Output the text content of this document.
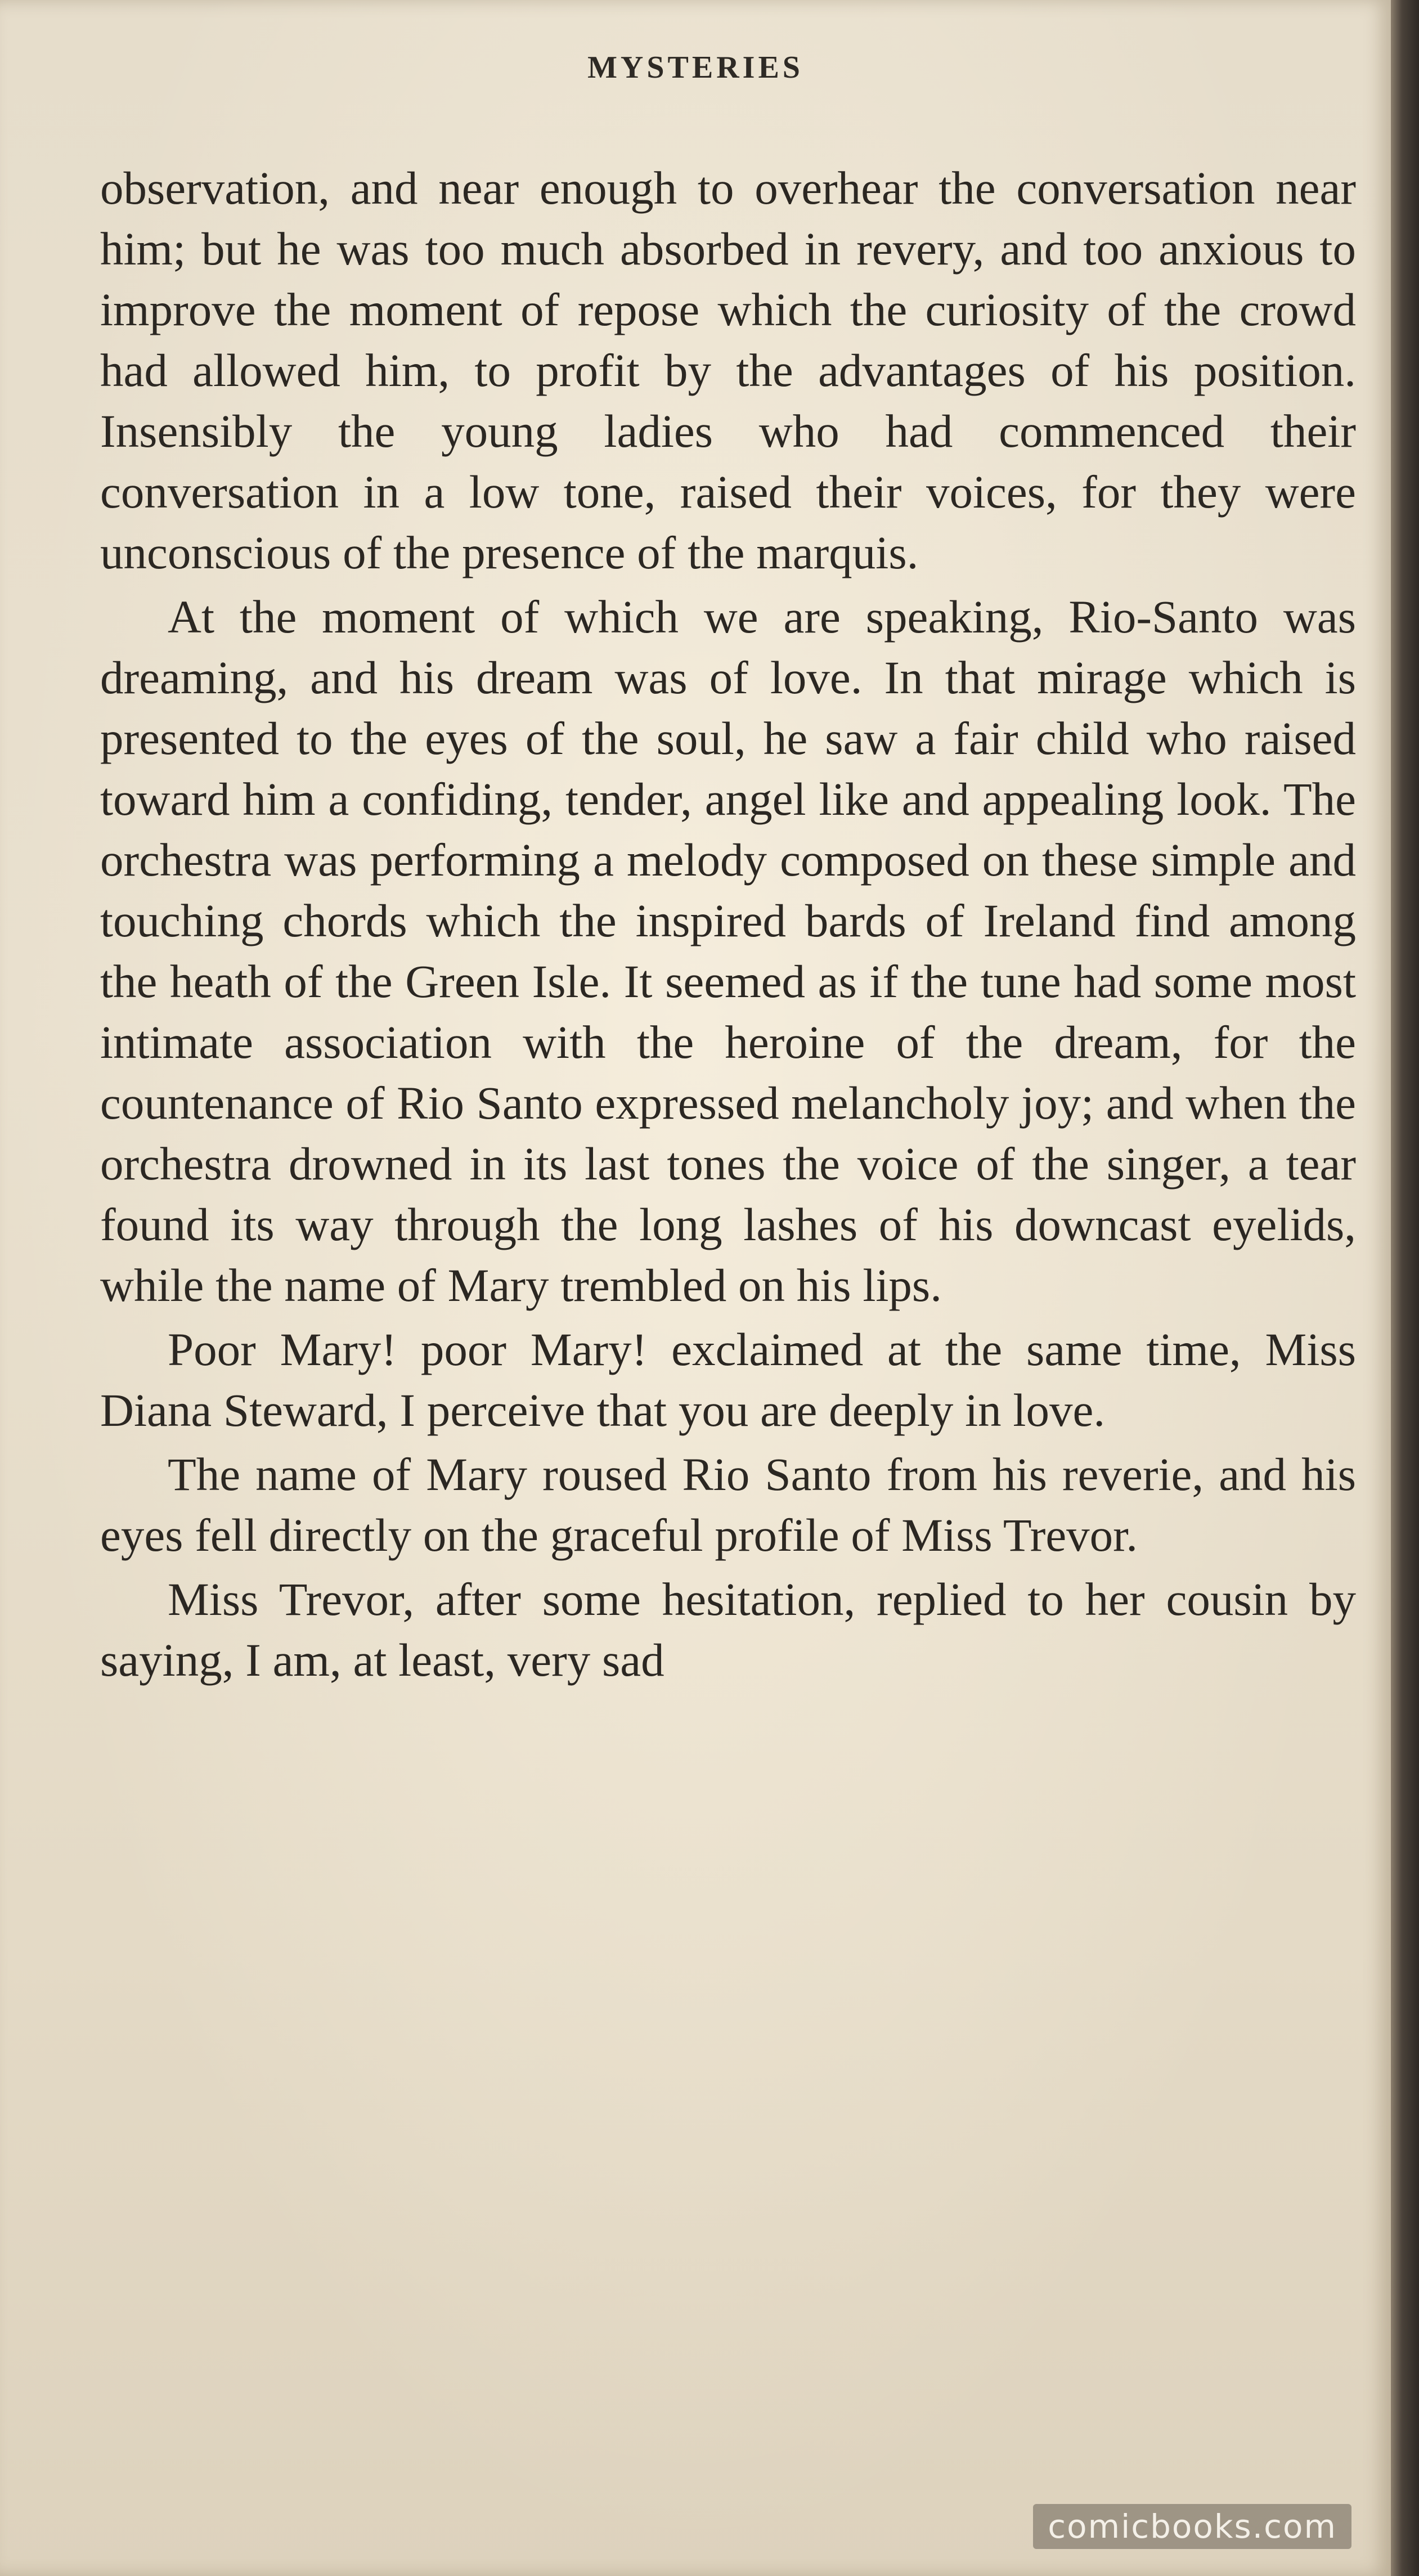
MYSTERIES

observation, and near enough to overhear the conversation near him; but he was too much absorbed in revery, and too anxious to improve the moment of repose which the curiosity of the crowd had allowed him, to profit by the advantages of his position. Insensibly the young ladies who had commenced their conversation in a low tone, raised their voices, for they were unconscious of the presence of the marquis.

At the moment of which we are speaking, Rio-Santo was dreaming, and his dream was of love. In that mirage which is presented to the eyes of the soul, he saw a fair child who raised toward him a confiding, tender, angel like and appealing look. The orchestra was performing a melody composed on these simple and touching chords which the inspired bards of Ireland find among the heath of the Green Isle. It seemed as if the tune had some most intimate association with the heroine of the dream, for the countenance of Rio Santo expressed melancholy joy; and when the orchestra drowned in its last tones the voice of the singer, a tear found its way through the long lashes of his downcast eyelids, while the name of Mary trembled on his lips.

Poor Mary! poor Mary! exclaimed at the same time, Miss Diana Steward, I perceive that you are deeply in love.

The name of Mary roused Rio Santo from his reverie, and his eyes fell directly on the graceful profile of Miss Trevor.

Miss Trevor, after some hesitation, replied to her cousin by saying, I am, at least, very sad

comicbooks.com
